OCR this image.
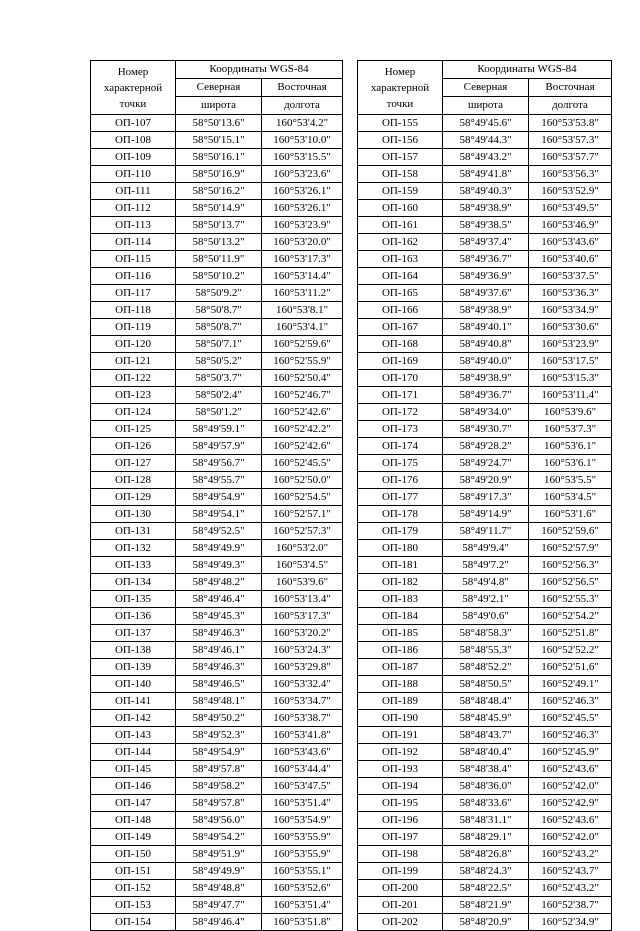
Номер
характерной
точки	Координаты WGS-84	
	Северная	Восточная
	широта	долгота
ОП-107	58°50'13.6"	160°53'4.2"
ОП-108	58°50'15.1"	160°53'10.0"
ОП-109	58°50'16.1"	160°53'15.5"
ОП-110	58°50'16.9"	160°53'23.6"
ОП-111	58°50'16.2"	160°53'26.1"
ОП-112	58°50'14.9"	160°53'26.1"
ОП-113	58°50'13.7"	160°53'23.9"
ОП-114	58°50'13.2"	160°53'20.0"
ОП-115	58°50'11.9"	160°53'17.3"
ОП-116	58°50'10.2"	160°53'14.4"
ОП-117	58°50'9.2"	160°53'11.2"
ОП-118	58°50'8.7"	160°53'8.1"
ОП-119	58°50'8.7"	160°53'4.1"
ОП-120	58°50'7.1"	160°52'59.6"
ОП-121	58°50'5.2"	160°52'55.9"
ОП-122	58°50'3.7"	160°52'50.4"
ОП-123	58°50'2.4"	160°52'46.7"
ОП-124	58°50'1.2"	160°52'42.6"
ОП-125	58°49'59.1"	160°52'42.2"
ОП-126	58°49'57.9"	160°52'42.6"
ОП-127	58°49'56.7"	160°52'45.5"
ОП-128	58°49'55.7"	160°52'50.0"
ОП-129	58°49'54.9"	160°52'54.5"
ОП-130	58°49'54.1"	160°52'57.1"
ОП-131	58°49'52.5"	160°52'57.3"
ОП-132	58°49'49.9"	160°53'2.0"
ОП-133	58°49'49.3"	160°53'4.5"
ОП-134	58°49'48.2"	160°53'9.6"
ОП-135	58°49'46.4"	160°53'13.4"
ОП-136	58°49'45.3"	160°53'17.3"
ОП-137	58°49'46.3"	160°53'20.2"
ОП-138	58°49'46.1"	160°53'24.3"
ОП-139	58°49'46.3"	160°53'29.8"
ОП-140	58°49'46.5"	160°53'32.4"
ОП-141	58°49'48.1"	160°53'34.7"
ОП-142	58°49'50.2"	160°53'38.7"
ОП-143	58°49'52.3"	160°53'41.8"
ОП-144	58°49'54.9"	160°53'43.6"
ОП-145	58°49'57.8"	160°53'44.4"
ОП-146	58°49'58.2"	160°53'47.5"
ОП-147	58°49'57.8"	160°53'51.4"
ОП-148	58°49'56.0"	160°53'54.9"
ОП-149	58°49'54.2"	160°53'55.9"
ОП-150	58°49'51.9"	160°53'55.9"
ОП-151	58°49'49.9"	160°53'55.1"
ОП-152	58°49'48.8"	160°53'52.6"
ОП-153	58°49'47.7"	160°53'51.4"
ОП-154	58°49'46.4"	160°53'51.8"
Номер
характерной
точки	Координаты WGS-84	
	Северная	Восточная
	широта	долгота
ОП-155	58°49'45.6"	160°53'53.8"
ОП-156	58°49'44.3"	160°53'57.3"
ОП-157	58°49'43.2"	160°53'57.7"
ОП-158	58°49'41.8"	160°53'56.3"
ОП-159	58°49'40.3"	160°53'52.9"
ОП-160	58°49'38.9"	160°53'49.5"
ОП-161	58°49'38.5"	160°53'46.9"
ОП-162	58°49'37.4"	160°53'43.6"
ОП-163	58°49'36.7"	160°53'40.6"
ОП-164	58°49'36.9"	160°53'37.5"
ОП-165	58°49'37.6"	160°53'36.3"
ОП-166	58°49'38.9"	160°53'34.9"
ОП-167	58°49'40.1"	160°53'30.6"
ОП-168	58°49'40.8"	160°53'23.9"
ОП-169	58°49'40.0"	160°53'17.5"
ОП-170	58°49'38.9"	160°53'15.3"
ОП-171	58°49'36.7"	160°53'11.4"
ОП-172	58°49'34.0"	160°53'9.6"
ОП-173	58°49'30.7"	160°53'7.3"
ОП-174	58°49'28.2"	160°53'6.1"
ОП-175	58°49'24.7"	160°53'6.1"
ОП-176	58°49'20.9"	160°53'5.5"
ОП-177	58°49'17.3"	160°53'4.5"
ОП-178	58°49'14.9"	160°53'1.6"
ОП-179	58°49'11.7"	160°52'59.6"
ОП-180	58°49'9.4"	160°52'57.9"
ОП-181	58°49'7.2"	160°52'56.3"
ОП-182	58°49'4.8"	160°52'56.5"
ОП-183	58°49'2.1"	160°52'55.3"
ОП-184	58°49'0.6"	160°52'54.2"
ОП-185	58°48'58.3"	160°52'51.8"
ОП-186	58°48'55.3"	160°52'52.2"
ОП-187	58°48'52.2"	160°52'51.6"
ОП-188	58°48'50.5"	160°52'49.1"
ОП-189	58°48'48.4"	160°52'46.3"
ОП-190	58°48'45.9"	160°52'45.5"
ОП-191	58°48'43.7"	160°52'46.3"
ОП-192	58°48'40.4"	160°52'45.9"
ОП-193	58°48'38.4"	160°52'43.6"
ОП-194	58°48'36.0"	160°52'42.0"
ОП-195	58°48'33.6"	160°52'42.9"
ОП-196	58°48'31.1"	160°52'43.6"
ОП-197	58°48'29.1"	160°52'42.0"
ОП-198	58°48'26.8"	160°52'43.2"
ОП-199	58°48'24.3"	160°52'43.7"
ОП-200	58°48'22.5"	160°52'43.2"
ОП-201	58°48'21.9"	160°52'38.7"
ОП-202	58°48'20.9"	160°52'34.9"
